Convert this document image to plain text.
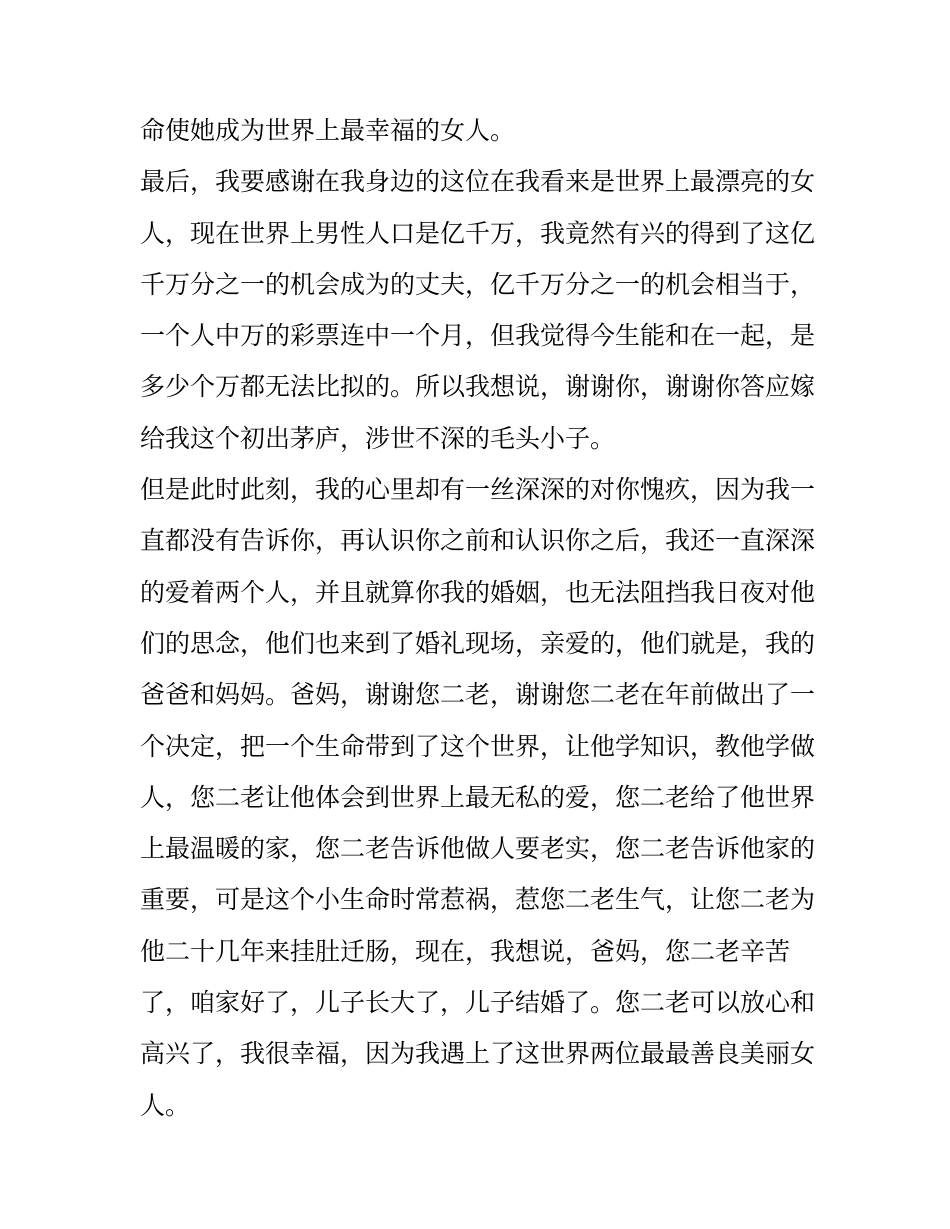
命使她成为世界上最幸福的女人。
最后，我要感谢在我身边的这位在我看来是世界上最漂亮的女
人，现在世界上男性人口是亿千万，我竟然有兴的得到了这亿
千万分之一的机会成为的丈夫，亿千万分之一的机会相当于，
一个人中万的彩票连中一个月，但我觉得今生能和在一起，是
多少个万都无法比拟的。所以我想说，谢谢你，谢谢你答应嫁
给我这个初出茅庐，涉世不深的毛头小子。
但是此时此刻，我的心里却有一丝深深的对你愧疚，因为我一
直都没有告诉你，再认识你之前和认识你之后，我还一直深深
的爱着两个人，并且就算你我的婚姻，也无法阻挡我日夜对他
们的思念，他们也来到了婚礼现场，亲爱的，他们就是，我的
爸爸和妈妈。爸妈，谢谢您二老，谢谢您二老在年前做出了一
个决定，把一个生命带到了这个世界，让他学知识，教他学做
人，您二老让他体会到世界上最无私的爱，您二老给了他世界
上最温暖的家，您二老告诉他做人要老实，您二老告诉他家的
重要，可是这个小生命时常惹祸，惹您二老生气，让您二老为
他二十几年来挂肚迁肠，现在，我想说，爸妈，您二老辛苦
了，咱家好了，儿子长大了，儿子结婚了。您二老可以放心和
高兴了，我很幸福，因为我遇上了这世界两位最最善良美丽女
人。
